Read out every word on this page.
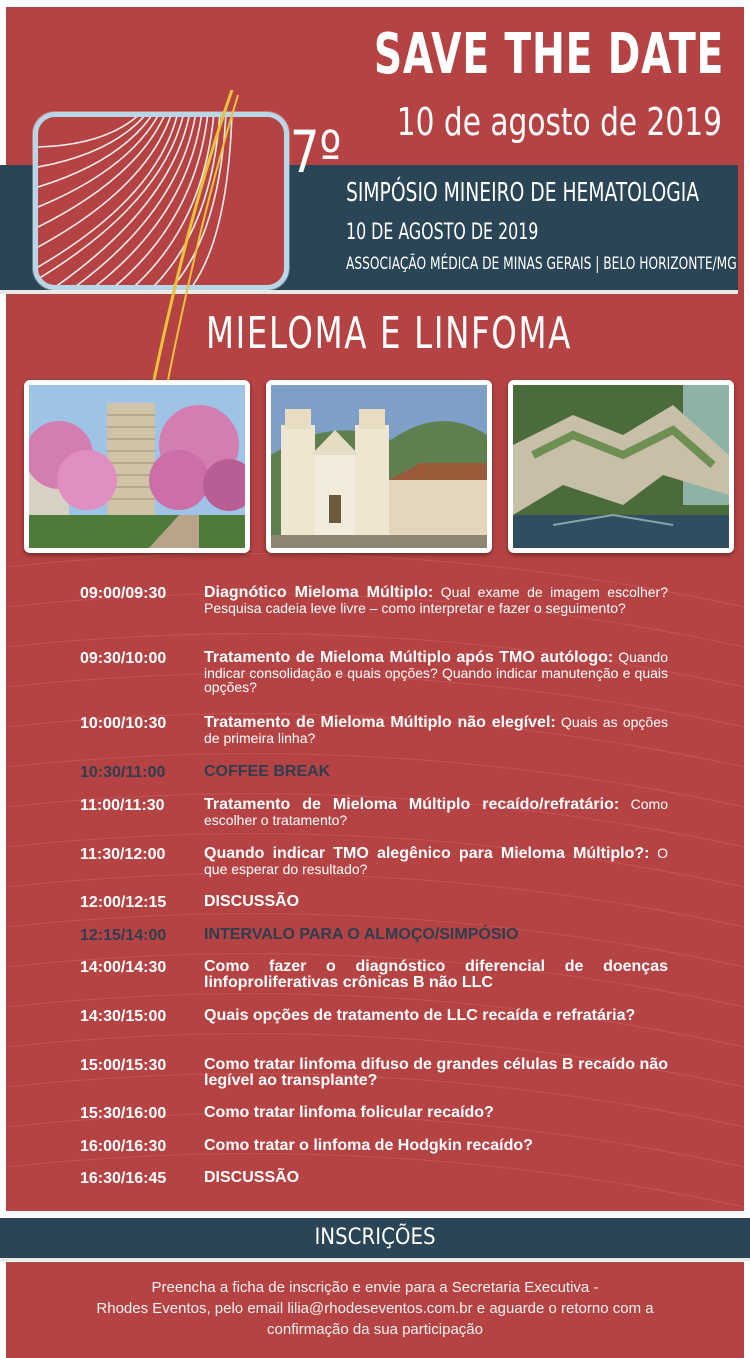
SAVE THE DATE
10 de agosto de 2019
7º
SIMPÓSIO MINEIRO DE HEMATOLOGIA
10 DE AGOSTO DE 2019
ASSOCIAÇÃO MÉDICA DE MINAS GERAIS | BELO HORIZONTE/MG
MIELOMA E LINFOMA
09:00/09:30	Diagnótico Mieloma Múltiplo: Qual exame de imagem escolher? Pesquisa cadeia leve livre – como interpretar e fazer o seguimento?
09:30/10:00	Tratamento de Mieloma Múltiplo após TMO autólogo: Quando indicar consolidação e quais opções? Quando indicar manutenção e quais opções?
10:00/10:30	Tratamento de Mieloma Múltiplo não elegível: Quais as opções de primeira linha?
10:30/11:00	COFFEE BREAK
11:00/11:30	Tratamento de Mieloma Múltiplo recaído/refratário: Como escolher o tratamento?
11:30/12:00	Quando indicar TMO alegênico para Mieloma Múltiplo?: O que esperar do resultado?
12:00/12:15	DISCUSSÃO
12:15/14:00	INTERVALO PARA O ALMOÇO/SIMPÓSIO
14:00/14:30	Como fazer o diagnóstico diferencial de doenças linfoproliferativas crônicas B não LLC
14:30/15:00	Quais opções de tratamento de LLC recaída e refratária?
15:00/15:30	Como tratar linfoma difuso de grandes células B recaído não legível ao transplante?
15:30/16:00	Como tratar linfoma folicular recaído?
16:00/16:30	Como tratar o linfoma de Hodgkin recaído?
16:30/16:45	DISCUSSÃO
INSCRIÇÕES
Preencha a ficha de inscrição e envie para a Secretaria Executiva -
Rhodes Eventos, pelo email lilia@rhodeseventos.com.br e aguarde o retorno com a
confirmação da sua participação
